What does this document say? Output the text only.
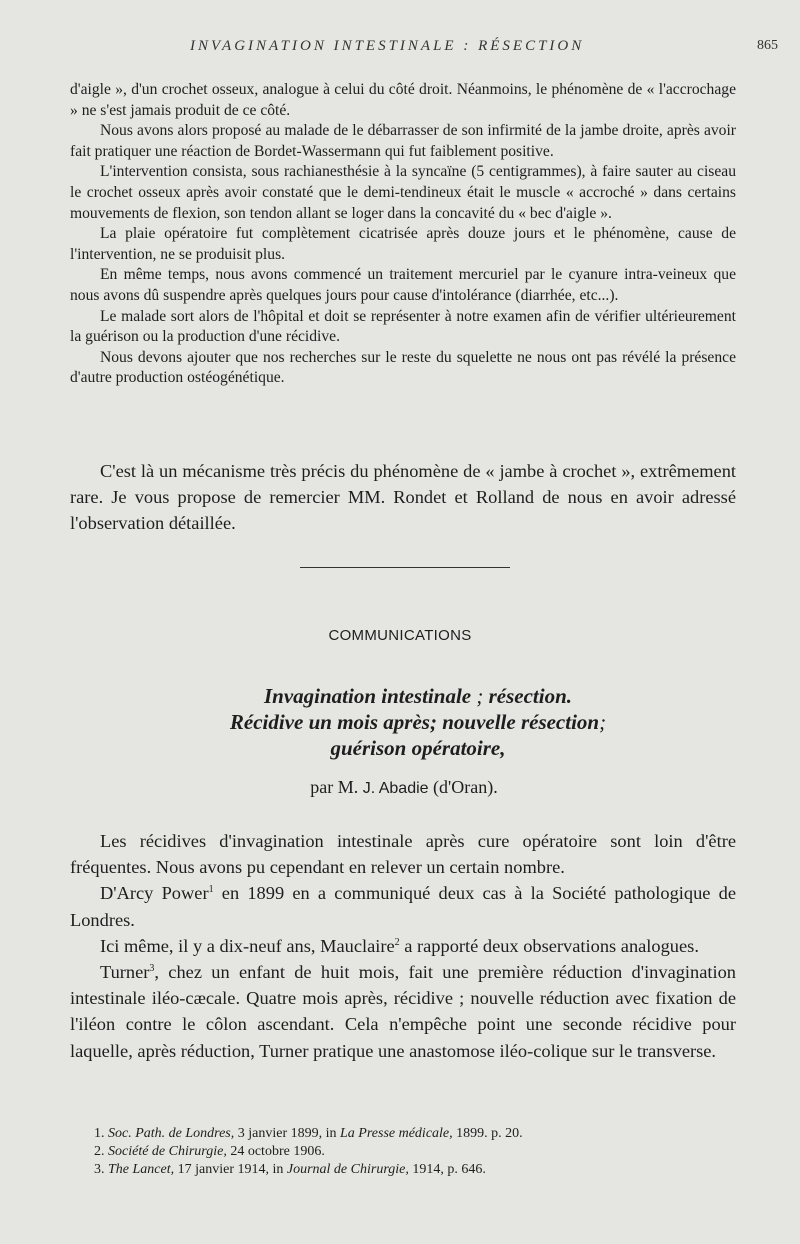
INVAGINATION INTESTINALE : RÉSECTION	865

d'aigle », d'un crochet osseux, analogue à celui du côté droit. Néanmoins, le phénomène de « l'accrochage » ne s'est jamais produit de ce côté.

Nous avons alors proposé au malade de le débarrasser de son infirmité de la jambe droite, après avoir fait pratiquer une réaction de Bordet-Wassermann qui fut faiblement positive.

L'intervention consista, sous rachianesthésie à la syncaïne (5 centigrammes), à faire sauter au ciseau le crochet osseux après avoir constaté que le demi-tendineux était le muscle « accroché » dans certains mouvements de flexion, son tendon allant se loger dans la concavité du « bec d'aigle ».

La plaie opératoire fut complètement cicatrisée après douze jours et le phénomène, cause de l'intervention, ne se produisit plus.

En même temps, nous avons commencé un traitement mercuriel par le cyanure intra-veineux que nous avons dû suspendre après quelques jours pour cause d'intolérance (diarrhée, etc...).

Le malade sort alors de l'hôpital et doit se représenter à notre examen afin de vérifier ultérieurement la guérison ou la production d'une récidive.

Nous devons ajouter que nos recherches sur le reste du squelette ne nous ont pas révélé la présence d'autre production ostéogénétique.

C'est là un mécanisme très précis du phénomène de « jambe à crochet », extrêmement rare. Je vous propose de remercier MM. Rondet et Rolland de nous en avoir adressé l'observation détaillée.

COMMUNICATIONS
Invagination intestinale ; résection.
Récidive un mois après; nouvelle résection;
guérison opératoire,
par M. J. Abadie (d'Oran).

Les récidives d'invagination intestinale après cure opératoire sont loin d'être fréquentes. Nous avons pu cependant en relever un certain nombre.

D'Arcy Power$^1$ en 1899 en a communiqué deux cas à la Société pathologique de Londres.

Ici même, il y a dix-neuf ans, Mauclaire$^2$ a rapporté deux observations analogues.

Turner$^3$, chez un enfant de huit mois, fait une première réduction d'invagination intestinale iléo-cæcale. Quatre mois après, récidive ; nouvelle réduction avec fixation de l'iléon contre le côlon ascendant. Cela n'empêche point une seconde récidive pour laquelle, après réduction, Turner pratique une anastomose iléo-colique sur le transverse.

1. Soc. Path. de Londres, 3 janvier 1899, in La Presse médicale, 1899. p. 20.

2. Société de Chirurgie, 24 octobre 1906.

3. The Lancet, 17 janvier 1914, in Journal de Chirurgie, 1914, p. 646.
